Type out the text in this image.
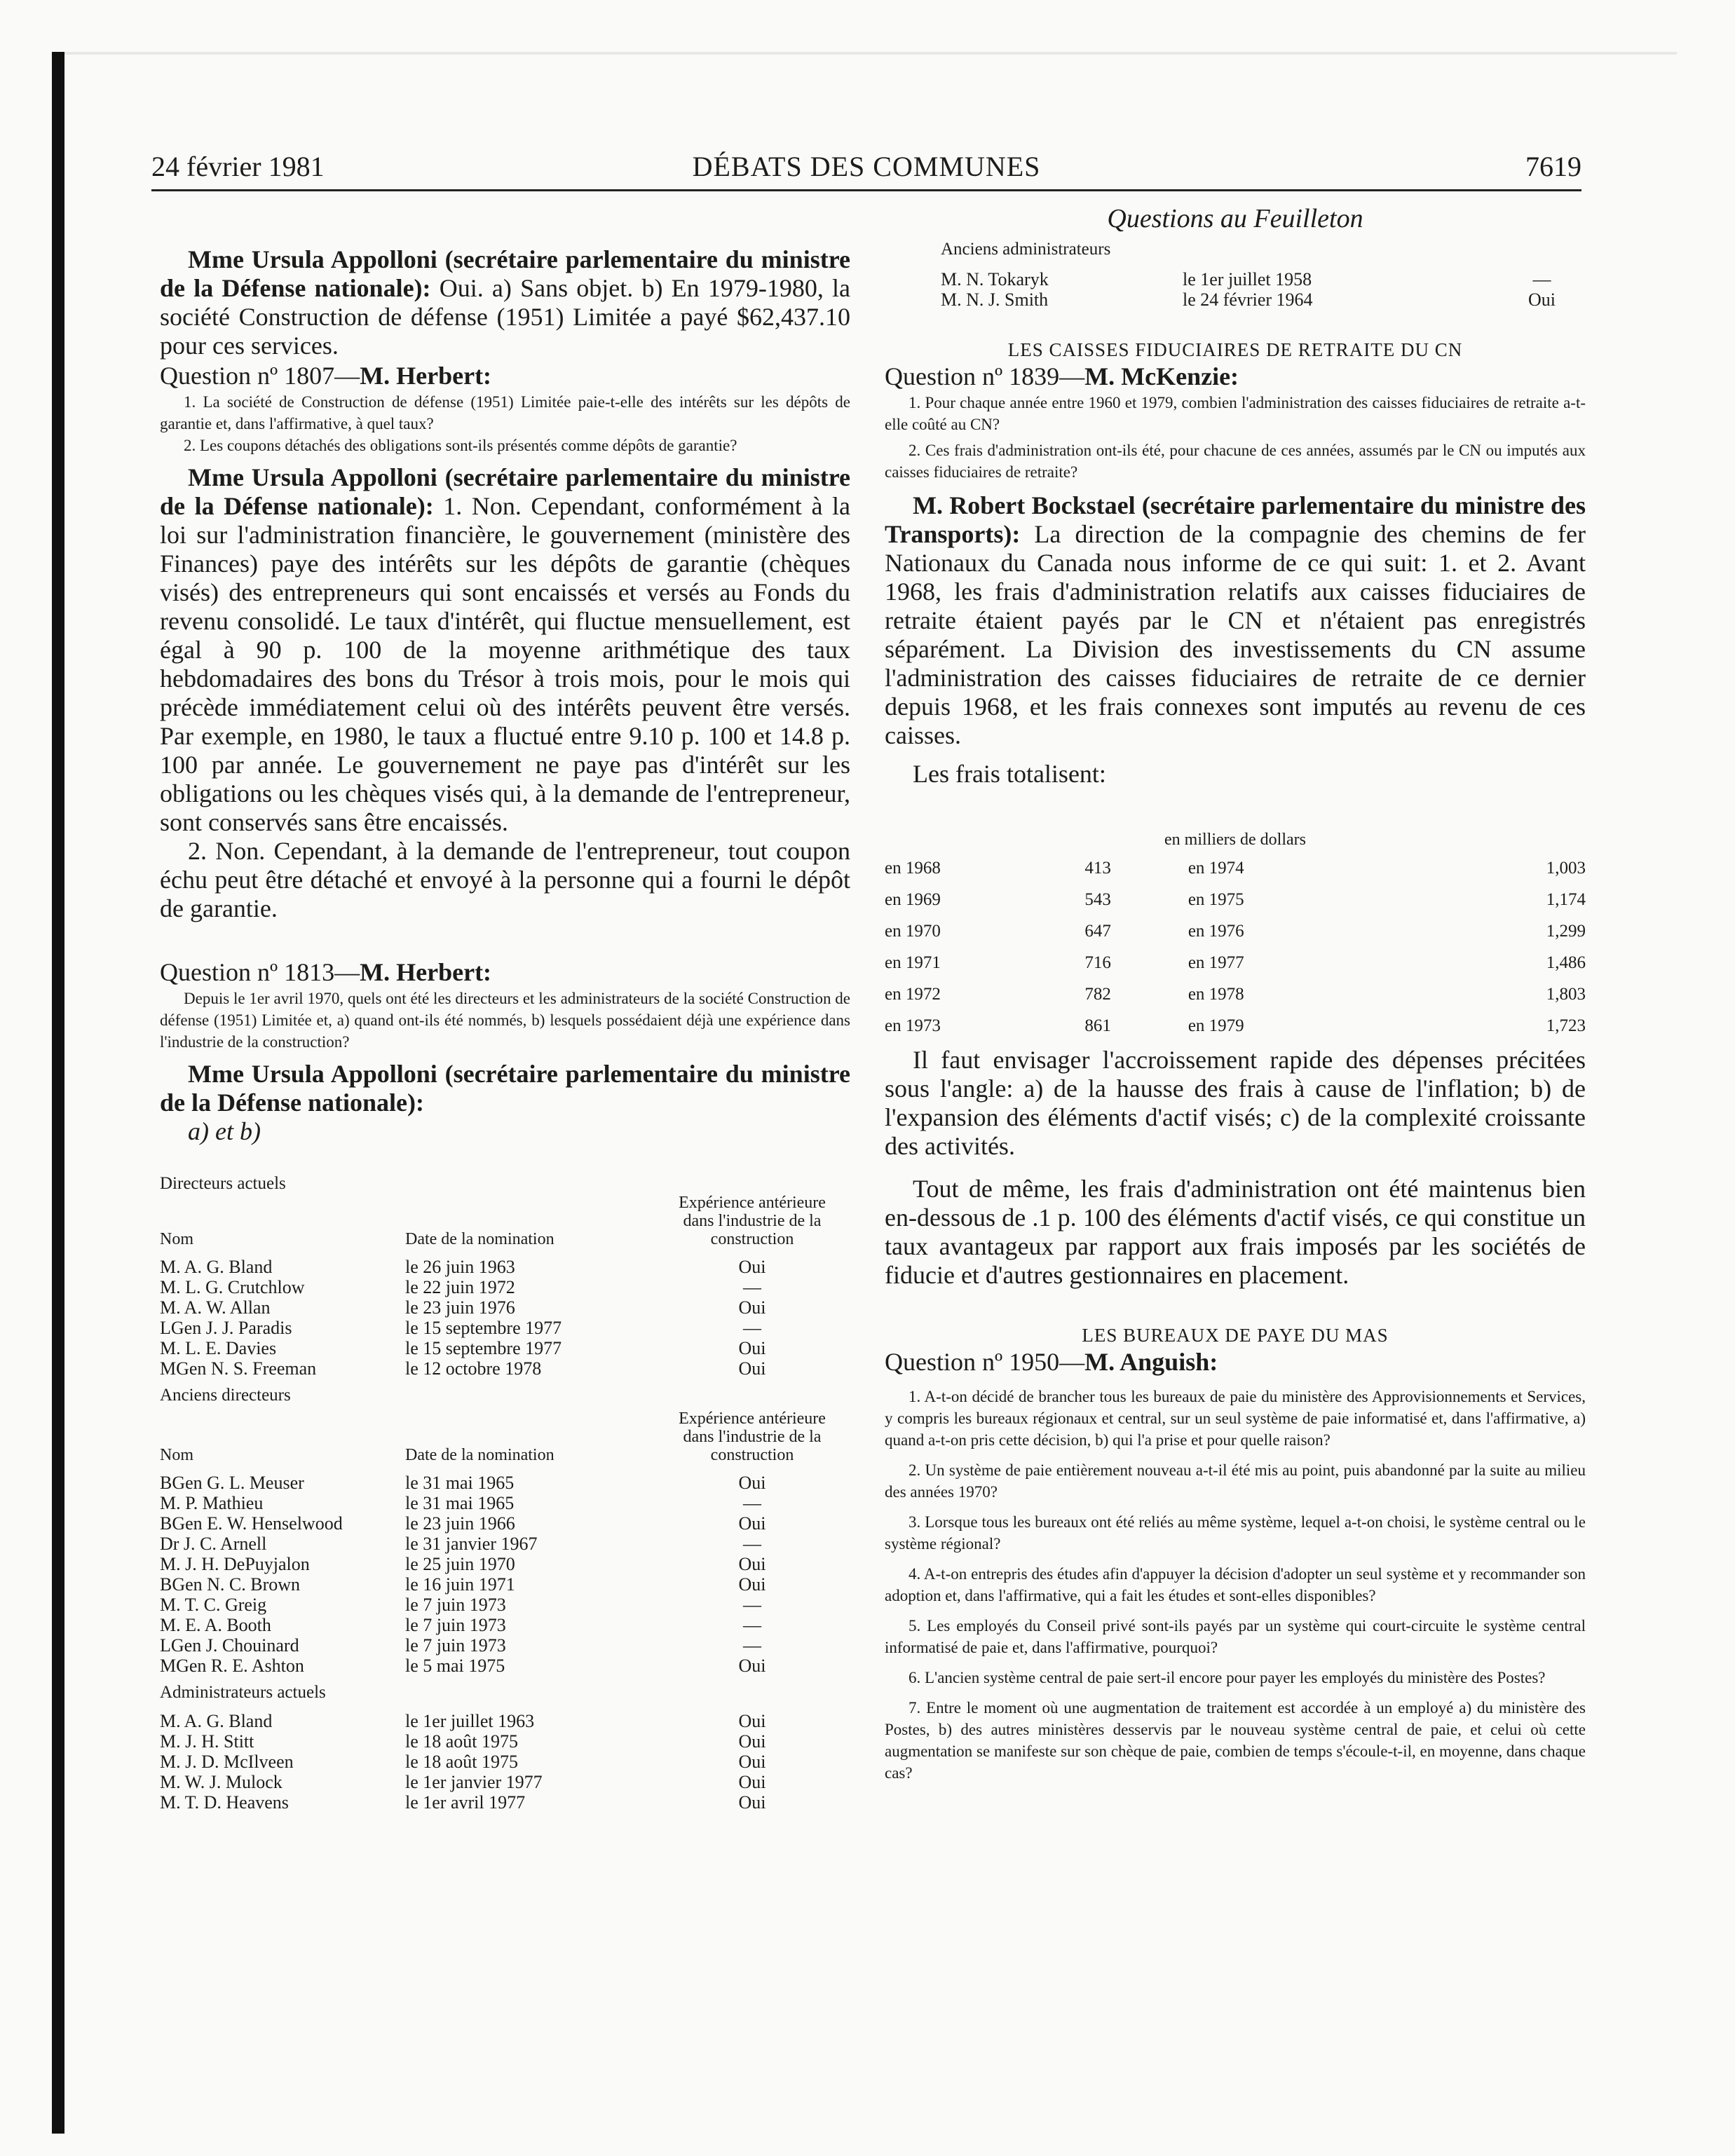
DÉBATS DES COMMUNES
24 février 1981	7619

Mme Ursula Appolloni (secrétaire parlementaire du ministre de la Défense nationale): Oui. a) Sans objet. b) En 1979-1980, la société Construction de défense (1951) Limitée a payé $62,437.10 pour ces services.

Question nº 1807—M. Herbert:

1. La société de Construction de défense (1951) Limitée paie-t-elle des intérêts sur les dépôts de garantie et, dans l'affirmative, à quel taux?

2. Les coupons détachés des obligations sont-ils présentés comme dépôts de garantie?

Mme Ursula Appolloni (secrétaire parlementaire du ministre de la Défense nationale): 1. Non. Cependant, conformément à la loi sur l'administration financière, le gouvernement (ministère des Finances) paye des intérêts sur les dépôts de garantie (chèques visés) des entrepreneurs qui sont encaissés et versés au Fonds du revenu consolidé. Le taux d'intérêt, qui fluctue mensuellement, est égal à 90 p. 100 de la moyenne arithmétique des taux hebdomadaires des bons du Trésor à trois mois, pour le mois qui précède immédiatement celui où des intérêts peuvent être versés. Par exemple, en 1980, le taux a fluctué entre 9.10 p. 100 et 14.8 p. 100 par année. Le gouvernement ne paye pas d'intérêt sur les obligations ou les chèques visés qui, à la demande de l'entrepreneur, sont conservés sans être encaissés.

2. Non. Cependant, à la demande de l'entrepreneur, tout coupon échu peut être détaché et envoyé à la personne qui a fourni le dépôt de garantie.

Question nº 1813—M. Herbert:

Depuis le 1er avril 1970, quels ont été les directeurs et les administrateurs de la société Construction de défense (1951) Limitée et, a) quand ont-ils été nommés, b) lesquels possédaient déjà une expérience dans l'industrie de la construction?

Mme Ursula Appolloni (secrétaire parlementaire du ministre de la Défense nationale):

a) et b)

Directeurs actuels

Nom	Date de la nomination	Expérience antérieure dans l'industrie de la construction
M. A. G. Bland	le 26 juin 1963	Oui
M. L. G. Crutchlow	le 22 juin 1972	—
M. A. W. Allan	le 23 juin 1976	Oui
LGen J. J. Paradis	le 15 septembre 1977	—
M. L. E. Davies	le 15 septembre 1977	Oui
MGen N. S. Freeman	le 12 octobre 1978	Oui

Anciens directeurs

Nom	Date de la nomination	Expérience antérieure dans l'industrie de la construction
BGen G. L. Meuser	le 31 mai 1965	Oui
M. P. Mathieu	le 31 mai 1965	—
BGen E. W. Henselwood	le 23 juin 1966	Oui
Dr J. C. Arnell	le 31 janvier 1967	—
M. J. H. DePuyjalon	le 25 juin 1970	Oui
BGen N. C. Brown	le 16 juin 1971	Oui
M. T. C. Greig	le 7 juin 1973	—
M. E. A. Booth	le 7 juin 1973	—
LGen J. Chouinard	le 7 juin 1973	—
MGen R. E. Ashton	le 5 mai 1975	Oui

Administrateurs actuels

M. A. G. Bland	le 1er juillet 1963	Oui
M. J. H. Stitt	le 18 août 1975	Oui
M. J. D. McIlveen	le 18 août 1975	Oui
M. W. J. Mulock	le 1er janvier 1977	Oui
M. T. D. Heavens	le 1er avril 1977	Oui

Questions au Feuilleton

Anciens administrateurs

M. N. Tokaryk	le 1er juillet 1958	—
M. N. J. Smith	le 24 février 1964	Oui

LES CAISSES FIDUCIAIRES DE RETRAITE DU CN

Question nº 1839—M. McKenzie:

1. Pour chaque année entre 1960 et 1979, combien l'administration des caisses fiduciaires de retraite a-t-elle coûté au CN?

2. Ces frais d'administration ont-ils été, pour chacune de ces années, assumés par le CN ou imputés aux caisses fiduciaires de retraite?

M. Robert Bockstael (secrétaire parlementaire du ministre des Transports): La direction de la compagnie des chemins de fer Nationaux du Canada nous informe de ce qui suit: 1. et 2. Avant 1968, les frais d'administration relatifs aux caisses fiduciaires de retraite étaient payés par le CN et n'étaient pas enregistrés séparément. La Division des investissements du CN assume l'administration des caisses fiduciaires de retraite de ce dernier depuis 1968, et les frais connexes sont imputés au revenu de ces caisses.

Les frais totalisent:

en milliers de dollars

en 1968	413	en 1974	1,003
en 1969	543	en 1975	1,174
en 1970	647	en 1976	1,299
en 1971	716	en 1977	1,486
en 1972	782	en 1978	1,803
en 1973	861	en 1979	1,723

Il faut envisager l'accroissement rapide des dépenses précitées sous l'angle: a) de la hausse des frais à cause de l'inflation; b) de l'expansion des éléments d'actif visés; c) de la complexité croissante des activités.

Tout de même, les frais d'administration ont été maintenus bien en-dessous de .1 p. 100 des éléments d'actif visés, ce qui constitue un taux avantageux par rapport aux frais imposés par les sociétés de fiducie et d'autres gestionnaires en placement.

LES BUREAUX DE PAYE DU MAS

Question nº 1950—M. Anguish:

1. A-t-on décidé de brancher tous les bureaux de paie du ministère des Approvisionnements et Services, y compris les bureaux régionaux et central, sur un seul système de paie informatisé et, dans l'affirmative, a) quand a-t-on pris cette décision, b) qui l'a prise et pour quelle raison?

2. Un système de paie entièrement nouveau a-t-il été mis au point, puis abandonné par la suite au milieu des années 1970?

3. Lorsque tous les bureaux ont été reliés au même système, lequel a-t-on choisi, le système central ou le système régional?

4. A-t-on entrepris des études afin d'appuyer la décision d'adopter un seul système et y recommander son adoption et, dans l'affirmative, qui a fait les études et sont-elles disponibles?

5. Les employés du Conseil privé sont-ils payés par un système qui court-circuite le système central informatisé de paie et, dans l'affirmative, pourquoi?

6. L'ancien système central de paie sert-il encore pour payer les employés du ministère des Postes?

7. Entre le moment où une augmentation de traitement est accordée à un employé a) du ministère des Postes, b) des autres ministères desservis par le nouveau système central de paie, et celui où cette augmentation se manifeste sur son chèque de paie, combien de temps s'écoule-t-il, en moyenne, dans chaque cas?
